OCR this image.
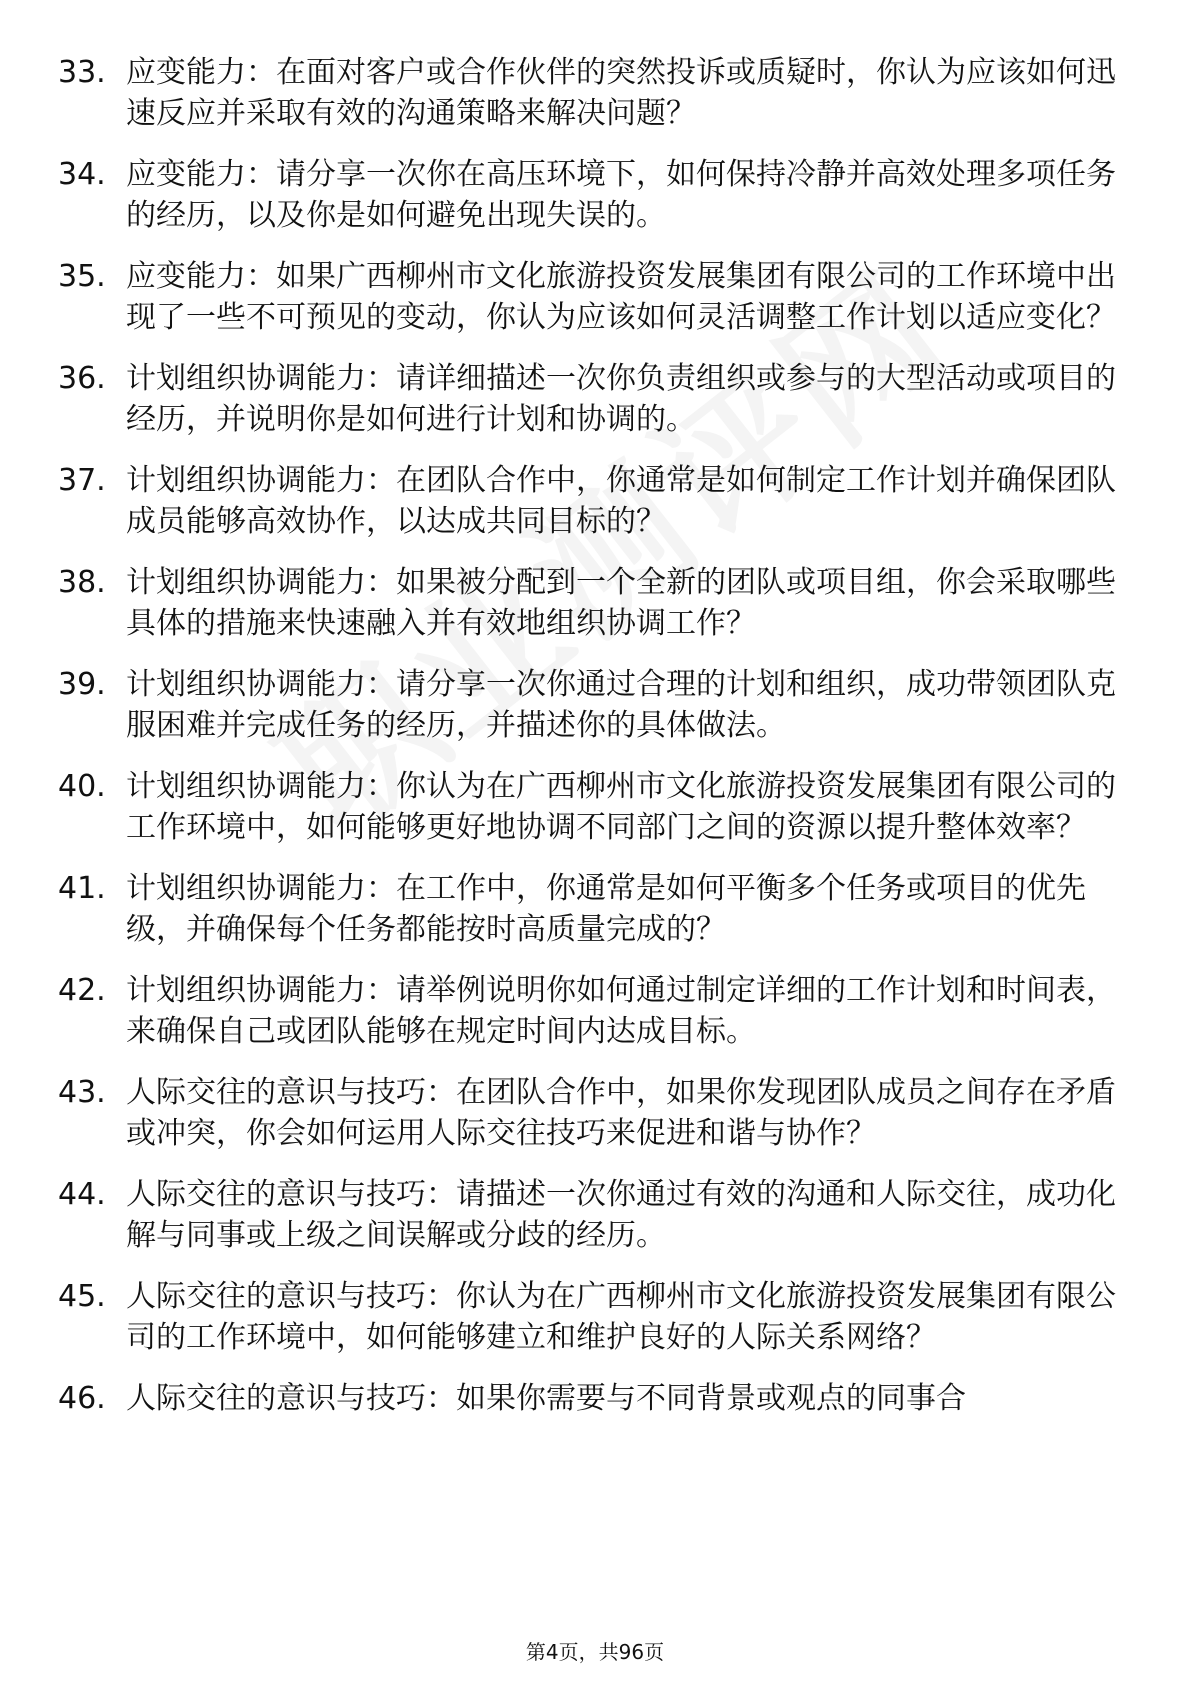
33. 应变能力：在面对客户或合作伙伴的突然投诉或质疑时，你认为应该如何迅速反应并采取有效的沟通策略来解决问题？
34. 应变能力：请分享一次你在高压环境下，如何保持冷静并高效处理多项任务的经历，以及你是如何避免出现失误的。
35. 应变能力：如果广西柳州市文化旅游投资发展集团有限公司的工作环境中出现了一些不可预见的变动，你认为应该如何灵活调整工作计划以适应变化？
36. 计划组织协调能力：请详细描述一次你负责组织或参与的大型活动或项目的经历，并说明你是如何进行计划和协调的。
37. 计划组织协调能力：在团队合作中，你通常是如何制定工作计划并确保团队成员能够高效协作，以达成共同目标的？
38. 计划组织协调能力：如果被分配到一个全新的团队或项目组，你会采取哪些具体的措施来快速融入并有效地组织协调工作？
39. 计划组织协调能力：请分享一次你通过合理的计划和组织，成功带领团队克服困难并完成任务的经历，并描述你的具体做法。
40. 计划组织协调能力：你认为在广西柳州市文化旅游投资发展集团有限公司的工作环境中，如何能够更好地协调不同部门之间的资源以提升整体效率？
41. 计划组织协调能力：在工作中，你通常是如何平衡多个任务或项目的优先级，并确保每个任务都能按时高质量完成的？
42. 计划组织协调能力：请举例说明你如何通过制定详细的工作计划和时间表，来确保自己或团队能够在规定时间内达成目标。
43. 人际交往的意识与技巧：在团队合作中，如果你发现团队成员之间存在矛盾或冲突，你会如何运用人际交往技巧来促进和谐与协作？
44. 人际交往的意识与技巧：请描述一次你通过有效的沟通和人际交往，成功化解与同事或上级之间误解或分歧的经历。
45. 人际交往的意识与技巧：你认为在广西柳州市文化旅游投资发展集团有限公司的工作环境中，如何能够建立和维护良好的人际关系网络？
46. 人际交往的意识与技巧：如果你需要与不同背景或观点的同事合
第4页，共96页
